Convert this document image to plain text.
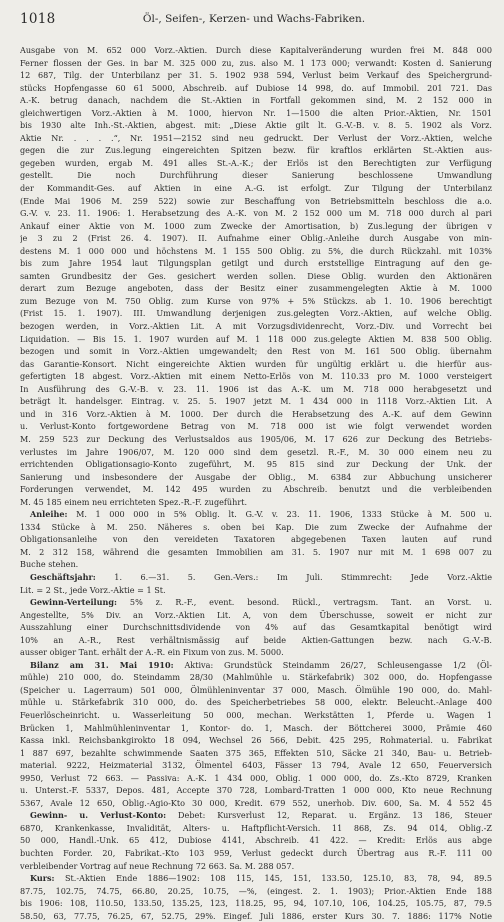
1018	Öl-, Seifen-, Kerzen- und Wachs-Fabriken.
Ausgabe von M. 652 000 Vorz.-Aktien. Durch diese Kapitalveränderung wurden frei M. 848 000
Ferner flossen der Ges. in bar M. 325 000 zu, zus. also M. 1 173 000; verwandt: Kosten d. Sanierung
12 687, Tilg. der Unterbilanz per 31. 5. 1902 938 594, Verlust beim Verkauf des Speichergrund-
stücks Hopfengasse 60 61 5000, Abschreib. auf Dubiose 14 998, do. auf Immobil. 201 721. Das
A.-K. betrug danach, nachdem die St.-Aktien in Fortfall gekommen sind, M. 2 152 000 in
gleichwertigen Vorz.-Aktien à M. 1000, hiervon Nr. 1—1500 die alten Prior.-Aktien, Nr. 1501
bis 1930 alte Inh.-St.-Aktien, abgest. mit: „Diese Aktie gilt lt. G.-V.-B. v. 8. 5. 1902 als Vorz.
Aktie Nr. . . . .“, Nr. 1951—2152 sind neu gedruckt. Der Verlust der Vorz.-Aktien, welche
gegen die zur Zus.legung eingereichten Spitzen bezw. für kraftlos erklärten St.-Aktien aus-
gegeben wurden, ergab M. 491 alles St.-A.-K.; der Erlös ist den Berechtigten zur Verfügung
gestellt. Die noch Durchführung dieser Sanierung beschlossene Umwandlung
der Kommandit-Ges. auf Aktien in eine A.-G. ist erfolgt. Zur Tilgung der Unterbilanz
(Ende Mai 1906 M. 259 522) sowie zur Beschaffung von Betriebsmitteln beschloss die a.o.
G.-V. v. 23. 11. 1906: 1. Herabsetzung des A.-K. von M. 2 152 000 um M. 718 000 durch al pari
Ankauf einer Aktie von M. 1000 zum Zwecke der Amortisation, b) Zus.legung der übrigen v
je 3 zu 2 (Frist 26. 4. 1907). II. Aufnahme einer Oblig.-Anleihe durch Ausgabe von min-
destens M. 1 000 000 und höchstens M. 1 155 500 Oblig. zu 5%, die durch Rückzahl. mit 103%
bis zum Jahre 1954 laut Tilgungsplan getilgt und durch erststellige Eintragung auf den ge-
samten Grundbesitz der Ges. gesichert werden sollen. Diese Oblig. wurden den Aktionären
derart zum Bezuge angeboten, dass der Besitz einer zusammengelegten Aktie à M. 1000
zum Bezuge von M. 750 Oblig. zum Kurse von 97% + 5% Stückzs. ab 1. 10. 1906 berechtigt
(Frist 15. 1. 1907). III. Umwandlung derjenigen zus.gelegten Vorz.-Aktien, auf welche Oblig.
bezogen werden, in Vorz.-Aktien Lit. A mit Vorzugsdividenrecht, Vorz.-Div. und Vorrecht bei
Liquidation. — Bis 15. 1. 1907 wurden auf M. 1 118 000 zus.gelegte Aktien M. 838 500 Oblig.
bezogen und somit in Vorz.-Aktien umgewandelt; den Rest von M. 161 500 Oblig. übernahm
das Garantie-Konsort. Nicht eingereichte Aktien wurden für ungültig erklärt u. die hierfür aus-
gefertigten 18 abgest. Vorz.-Aktien mit einem Netto-Erlös von M. 110.33 pro M. 1000 versteigert
In Ausführung des G.-V.-B. v. 23. 11. 1906 ist das A.-K. um M. 718 000 herabgesetzt und
beträgt lt. handelsger. Eintrag. v. 25. 5. 1907 jetzt M. 1 434 000 in 1118 Vorz.-Aktien Lit. A
und in 316 Vorz.-Aktien à M. 1000. Der durch die Herabsetzung des A.-K. auf dem Gewinn
u. Verlust-Konto fortgewordene Betrag von M. 718 000 ist wie folgt verwendet worden
M. 259 523 zur Deckung des Verlustsaldos aus 1905/06, M. 17 626 zur Deckung des Betriebs-
verlustes im Jahre 1906/07, M. 120 000 sind dem gesetzl. R.-F., M. 30 000 einem neu zu
errichtenden Obligationsagio-Konto zugeführt, M. 95 815 sind zur Deckung der Unk. der
Sanierung und insbesondere der Ausgabe der Oblig., M. 6384 zur Abbuchung unsicherer
Forderungen verwendet, M. 142 495 wurden zu Abschreib. benutzt und die verbleibenden
M. 45 185 einem neu errichteten Spez.-R.-F. zugeführt.
Anleihe: M. 1 000 000 in 5% Oblig. lt. G.-V. v. 23. 11. 1906, 1333 Stücke à M. 500 u.
1334 Stücke à M. 250. Näheres s. oben bei Kap. Die zum Zwecke der Aufnahme der
Obligationsanleihe von den vereideten Taxatoren abgegebenen Taxen lauten auf rund
M. 2 312 158, während die gesamten Immobilien am 31. 5. 1907 nur mit M. 1 698 007 zu
Buche stehen.
Geschäftsjahr: 1. 6.—31. 5. Gen.-Vers.: Im Juli. Stimmrecht: Jede Vorz.-Aktie
Lit. = 2 St., jede Vorz.-Aktie = 1 St.
Gewinn-Verteilung: 5% z. R.-F., event. besond. Rückl., vertragsm. Tant. an Vorst. u.
Angestellte, 5% Div. an Vorz.-Aktien Lit. A, von dem Überschusse, soweit er nicht zur
Ausszahlung einer Durchschnittsdividende von 4% auf das Gesamtkapital benötigt wird
10% an A.-R., Rest verhältnismässig auf beide Aktien-Gattungen bezw. nach G.-V.-B.
ausser obiger Tant. erhält der A.-R. ein Fixum von zus. M. 5000.
Bilanz am 31. Mai 1910: Aktiva: Grundstück Steindamm 26/27, Schleusengasse 1/2 (Öl-
mühle) 210 000, do. Steindamm 28/30 (Mahlmühle u. Stärkefabrik) 302 000, do. Hopfengasse
(Speicher u. Lagerraum) 501 000, Ölmühleninventar 37 000, Masch. Ölmühle 190 000, do. Mahl-
mühle u. Stärkefabrik 310 000, do. des Speicherbetriebes 58 000, elektr. Beleucht.-Anlage 400
Feuerlöscheinricht. u. Wasserleitung 50 000, mechan. Werkstätten 1, Pferde u. Wagen 1
Brücken 1, Mahlmühleninventar 1, Kontor- do. 1, Masch. der Böttcherei 3000, Prämie 460
Kassa inkl. Reichsbankgirokto 18 094, Wechsel 26 566, Debit. 425 295, Rohmaterial. u. Fabrikat
1 887 697, bezahlte schwimmende Saaten 375 365, Effekten 510, Säcke 21 340, Bau- u. Betrieb-
material. 9222, Heizmaterial 3132, Ölmentel 6403, Fässer 13 794, Avale 12 650, Feuerversich
9950, Verlust 72 663. — Passiva: A.-K. 1 434 000, Oblig. 1 000 000, do. Zs.-Kto 8729, Kranken
u. Unterst.-F. 5337, Depos. 481, Accepte 370 728, Lombard-Tratten 1 000 000, Kto neue Rechnung
5367, Avale 12 650, Oblig.-Agio-Kto 30 000, Kredit. 679 552, unerhob. Div. 600, Sa. M. 4 552 45
Gewinn- u. Verlust-Konto: Debet: Kursverlust 12, Reparat. u. Ergänz. 13 186, Steuer
6870, Krankenkasse, Invalidität, Alters- u. Haftpflicht-Versich. 11 868, Zs. 94 014, Oblig.-Z
50 000, Handl.-Unk. 65 412, Dubiose 4141, Abschreib. 41 422. — Kredit: Erlös aus abge
buchten Forder. 20, Fabrikat.-Kto 103 959, Verlust gedeckt durch Übertrag aus R.-F. 111 00
verbleibender Vortrag auf neue Rechnung 72 663. Sa. M. 288 057.
Kurs: St.-Aktien Ende 1886—1902: 108 115, 145, 151, 133.50, 125.10, 83, 78, 94, 89.5
87.75, 102.75, 74.75, 66.80, 20.25, 10.75, —%, (eingest. 2. 1. 1903); Prior.-Aktien Ende 188
bis 1906: 108, 110.50, 133.50, 135.25, 123, 118.25, 95, 94, 107.10, 106, 104.25, 105.75, 87, 79.5
58.50, 63, 77.75, 76.25, 67, 52.75, 29%. Eingef. Juli 1886, erster Kurs 30. 7. 1886: 117% Notie
